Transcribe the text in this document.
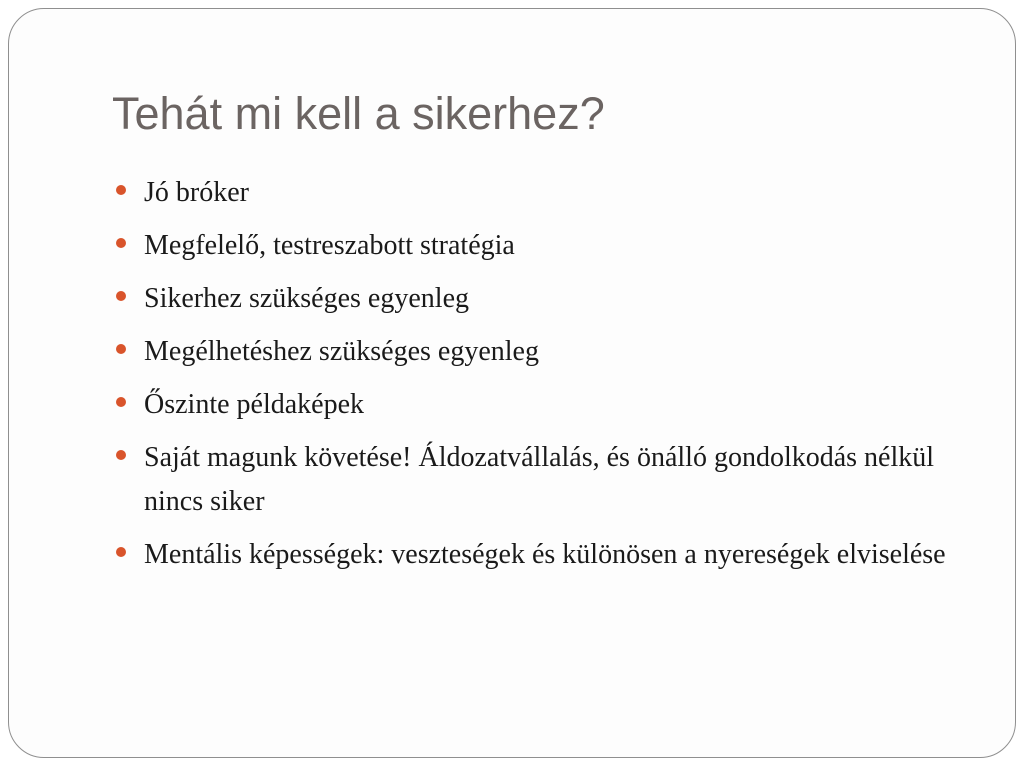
Tehát mi kell a sikerhez?
Jó bróker
Megfelelő, testreszabott stratégia
Sikerhez szükséges egyenleg
Megélhetéshez szükséges egyenleg
Őszinte példaképek
Saját magunk követése! Áldozatvállalás, és önálló gondolkodás nélkül nincs siker
Mentális képességek: veszteségek és különösen a nyereségek elviselése
